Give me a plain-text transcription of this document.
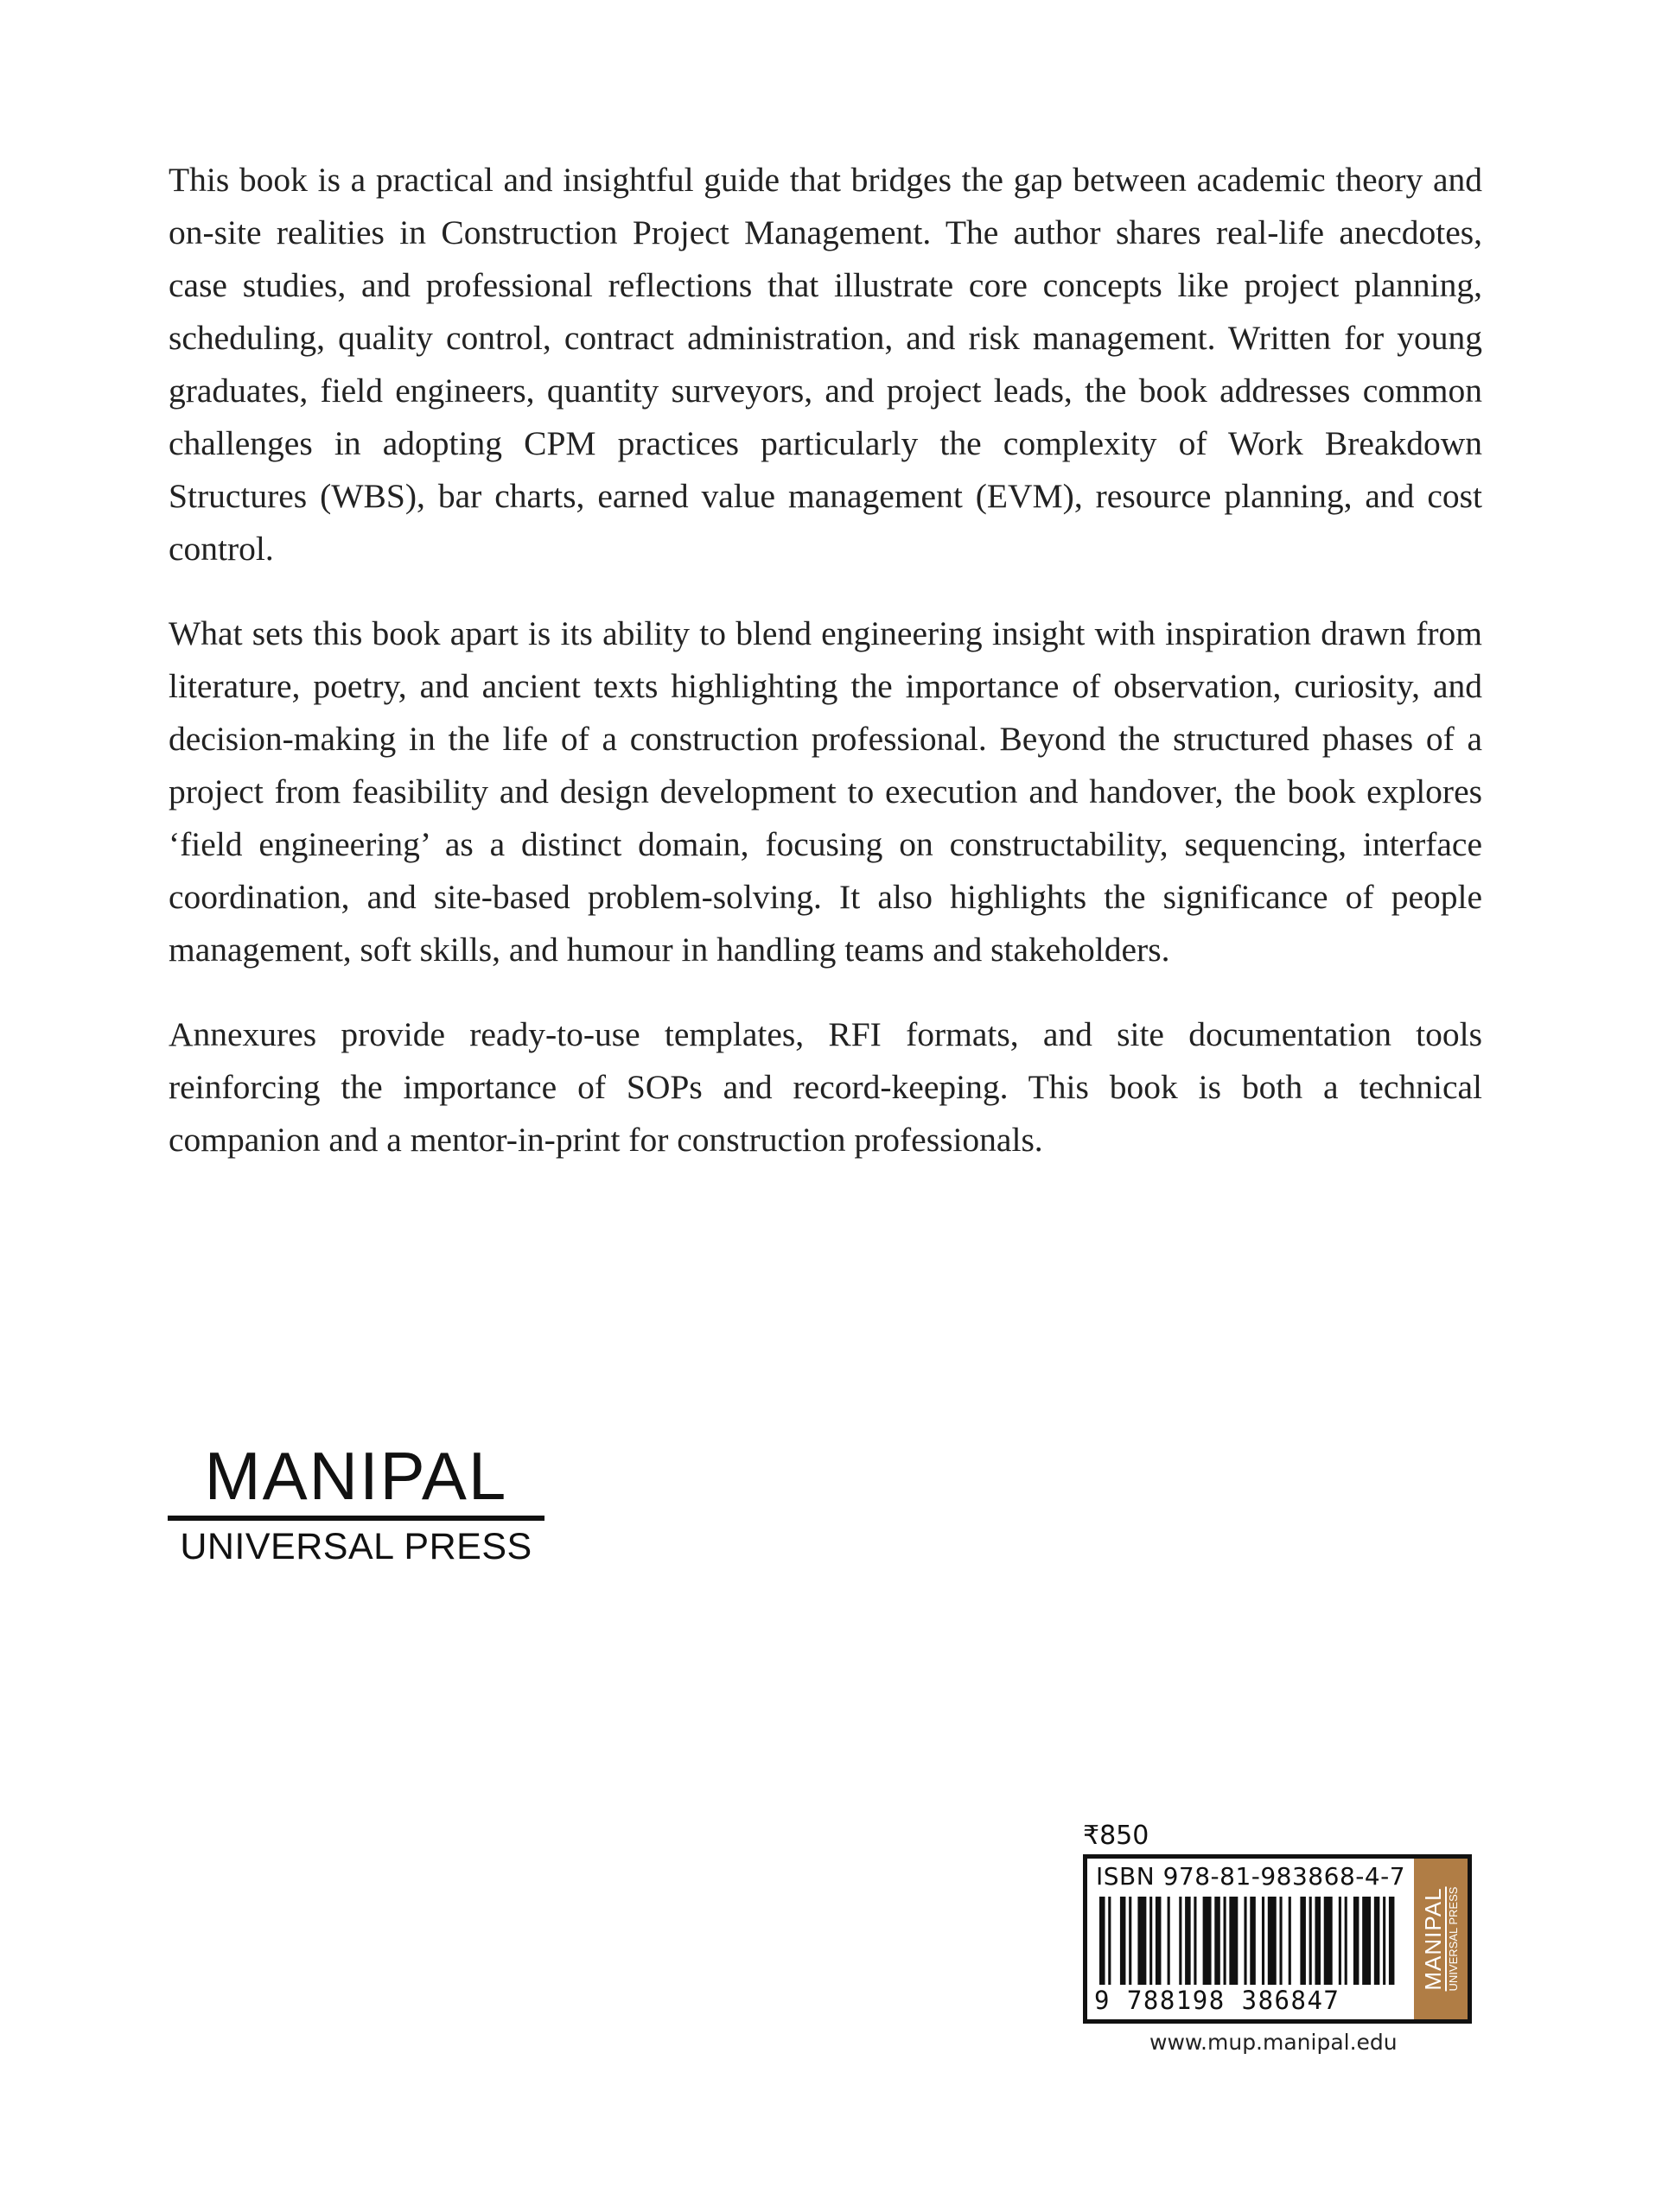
This book is a practical and insightful guide that bridges the gap between academic theory and on-site realities in Construction Project Management. The author shares real-life anecdotes, case studies, and professional reflections that illustrate core concepts like project planning, scheduling, quality control, contract administration, and risk management. Written for young graduates, field engineers, quantity surveyors, and project leads, the book addresses common challenges in adopting CPM practices particularly the complexity of Work Breakdown Structures (WBS), bar charts, earned value management (EVM), resource planning, and cost control.

What sets this book apart is its ability to blend engineering insight with inspiration drawn from literature, poetry, and ancient texts highlighting the importance of observation, curiosity, and decision-making in the life of a construction professional. Beyond the structured phases of a project from feasibility and design development to execution and handover, the book explores ‘field engineering’ as a distinct domain, focusing on constructability, sequencing, interface coordination, and site-based problem-solving. It also highlights the significance of people management, soft skills, and humour in handling teams and stakeholders.

Annexures provide ready-to-use templates, RFI formats, and site documentation tools reinforcing the importance of SOPs and record-keeping. This book is both a technical companion and a mentor-in-print for construction professionals.

MANIPAL
UNIVERSAL PRESS
₹850
ISBN 978-81-983868-4-7
9 788198 386847
MANIPAL UNIVERSAL PRESS
www.mup.manipal.edu
